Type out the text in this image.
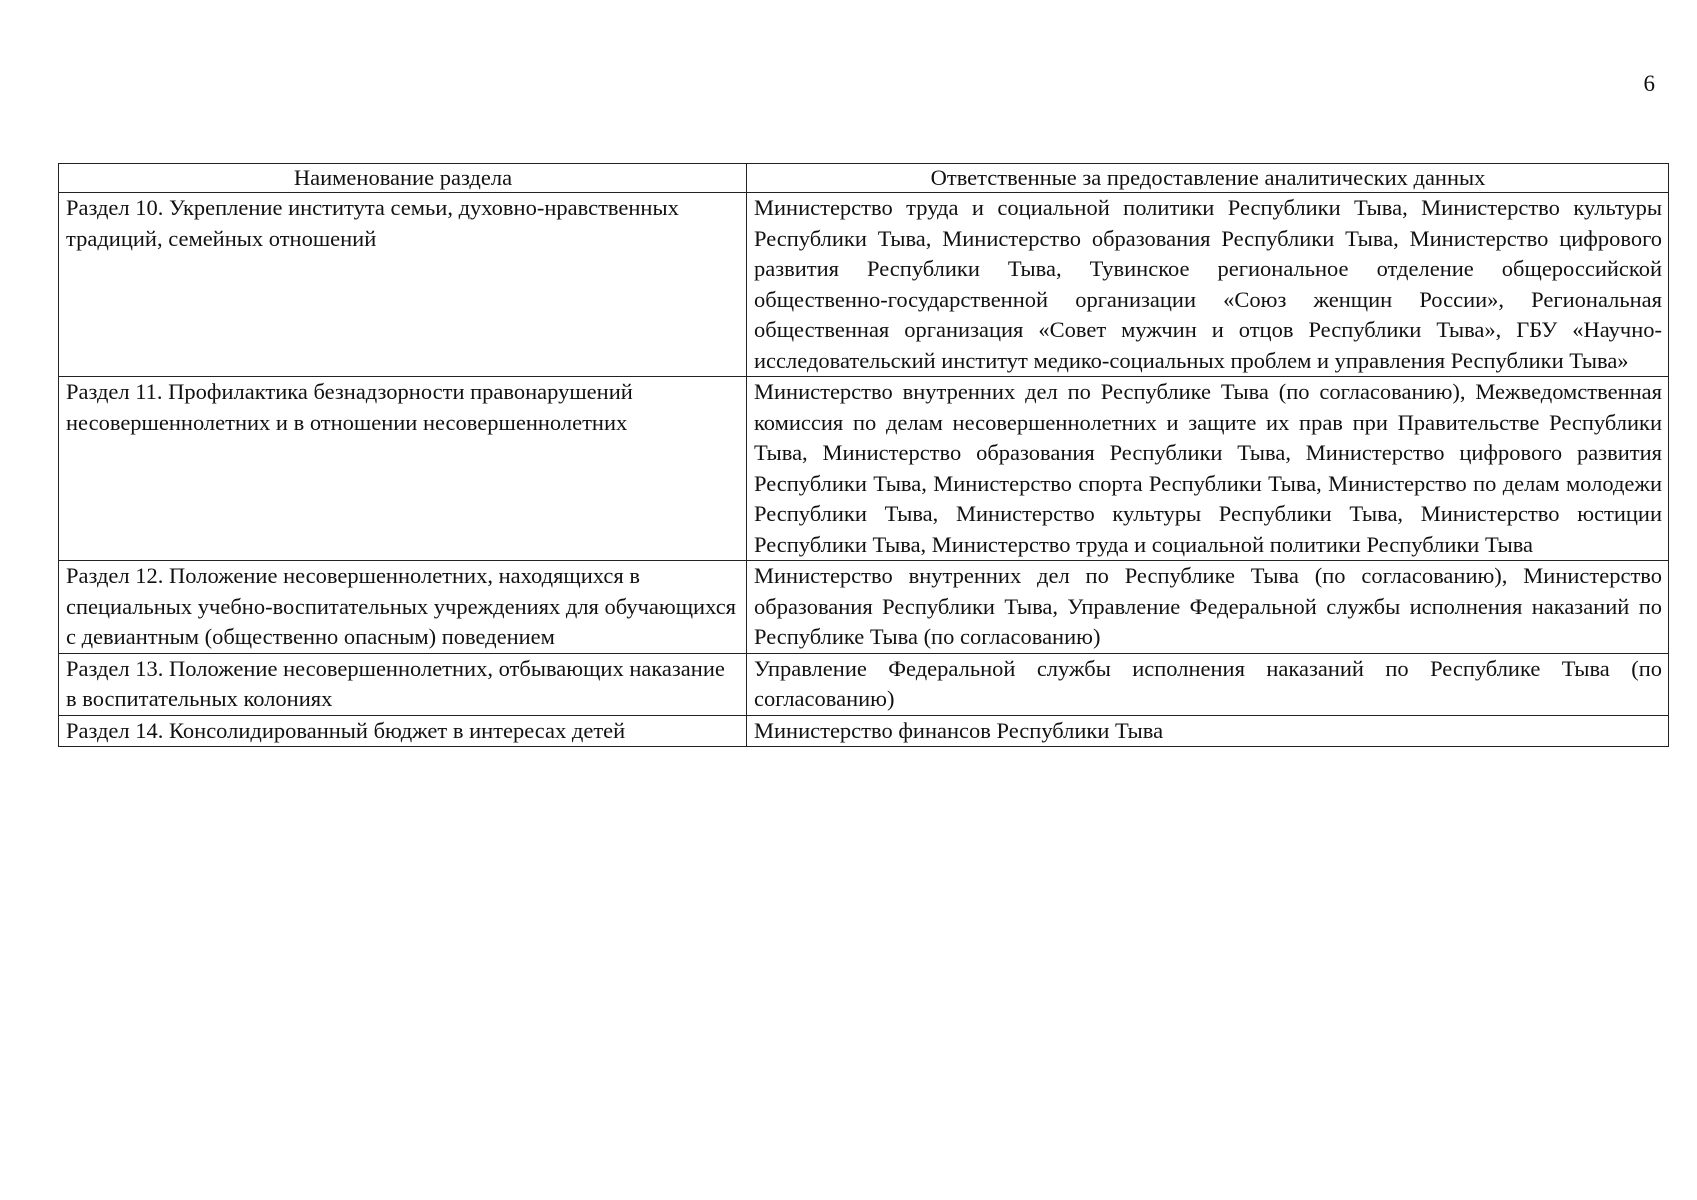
6
Наименование раздела	Ответственные за предоставление аналитических данных
Раздел 10. Укрепление института семьи, духовно-нравственных традиций, семейных отношений	Министерство труда и социальной политики Республики Тыва, Министерство культуры Республики Тыва, Министерство образования Республики Тыва, Министерство цифрового развития Республики Тыва, Тувинское региональное отделение общероссийской общественно-государственной организации «Союз женщин России», Региональная общественная организация «Совет мужчин и отцов Республики Тыва», ГБУ «Научно-исследовательский институт медико-социальных проблем и управления Республики Тыва»
Раздел 11. Профилактика безнадзорности правонарушений несовершеннолетних и в отношении несовершеннолетних	Министерство внутренних дел по Республике Тыва (по согласованию), Межведомственная комиссия по делам несовершеннолетних и защите их прав при Правительстве Республики Тыва, Министерство образования Республики Тыва, Министерство цифрового развития Республики Тыва, Министерство спорта Республики Тыва, Министерство по делам молодежи Республики Тыва, Министерство культуры Республики Тыва, Министерство юстиции Республики Тыва, Министерство труда и социальной политики Республики Тыва
Раздел 12. Положение несовершеннолетних, находящихся в специальных учебно-воспитательных учреждениях для обучающихся с девиантным (общественно опасным) поведением	Министерство внутренних дел по Республике Тыва (по согласованию), Министерство образования Республики Тыва, Управление Федеральной службы исполнения наказаний по Республике Тыва (по согласованию)
Раздел 13. Положение несовершеннолетних, отбывающих наказание в воспитательных колониях	Управление Федеральной службы исполнения наказаний по Республике Тыва (по согласованию)
Раздел 14. Консолидированный бюджет в интересах детей	Министерство финансов Республики Тыва
